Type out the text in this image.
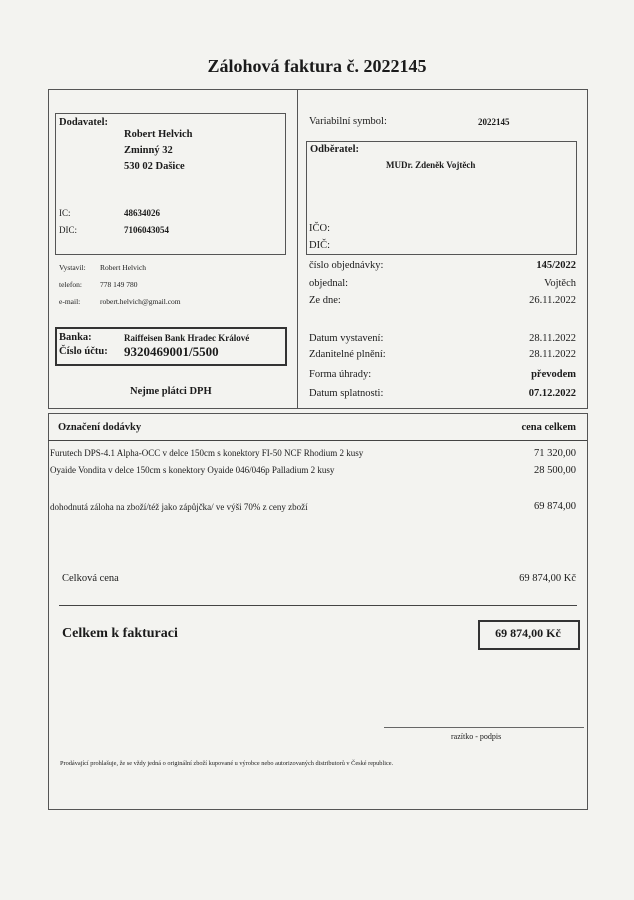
Zálohová faktura č. 2022145
Dodavatel:
Robert Helvich
Zminný 32
530 02 Dašice
IC:	48634026
DIC:	7106043054
Vystavil: Robert Helvich
telefon: 778 149 780
e-mail:	robert.helvich@gmail.com
Banka:	Raiffeisen Bank Hradec Králové
Číslo účtu: 9320469001/5500
Nejme plátci DPH
Variabilní symbol:	2022145
Odběratel:
MUDr. Zdeněk Vojtěch
IČO:
DIČ:
číslo objednávky:	145/2022
objednal:	Vojtěch
Ze dne:	26.11.2022
Datum vystavení:	28.11.2022
Zdanitelné plnění:	28.11.2022
Forma úhrady:	převodem
Datum splatnosti:	07.12.2022
Označení dodávky	cena celkem
Furutech DPS-4.1 Alpha-OCC v delce 150cm s konektory FI-50 NCF Rhodium 2 kusy	71 320,00
Oyaide Vondita v delce 150cm s konektory Oyaide 046/046p Palladium 2 kusy	28 500,00
dohodnutá záloha na zboží/též jako zápůjčka/ ve výši 70% z ceny zboží	69 874,00
Celková cena	69 874,00 Kč
Celkem k fakturaci	69 874,00 Kč
razítko - podpis
Prodávající prohlašuje, že se vždy jedná o originální zboží kupované u výrobce nebo autorizovaných distributorů v České republice.
